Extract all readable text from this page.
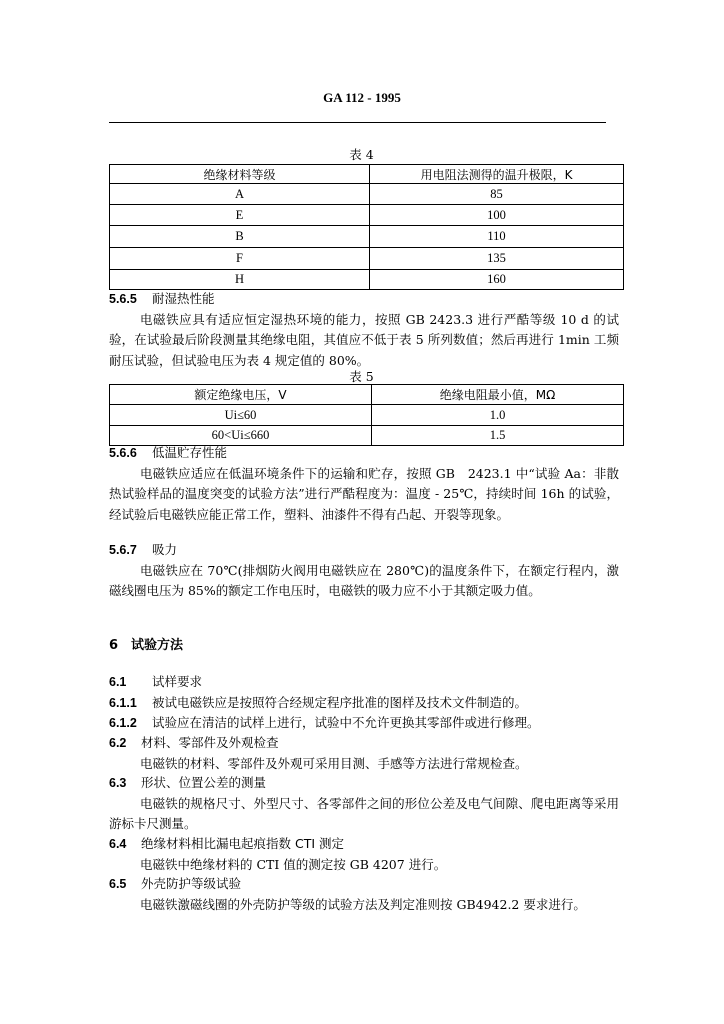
GA 112 - 1995
表 4
绝缘材料等级	用电阻法测得的温升极限，K
A	85
E	100
B	110
F	135
H	160
5.6.5 耐湿热性能
电磁铁应具有适应恒定湿热环境的能力，按照 GB 2423.3 进行严酷等级 10 d 的试验，在试验最后阶段测量其绝缘电阻，其值应不低于表 5 所列数值；然后再进行 1min 工频耐压试验，但试验电压为表 4 规定值的 80%。
表 5
额定绝缘电压，V	绝缘电阻最小值，MΩ
Ui≤60	1.0
60<Ui≤660	1.5
5.6.6 低温贮存性能
电磁铁应适应在低温环境条件下的运输和贮存，按照 GB　2423.1 中“试验 Aa：非散热试验样品的温度突变的试验方法”进行严酷程度为：温度 - 25℃，持续时间 16h 的试验，经试验后电磁铁应能正常工作，塑料、油漆件不得有凸起、开裂等现象。
5.6.7 吸力
电磁铁应在 70℃(排烟防火阀用电磁铁应在 280℃)的温度条件下，在额定行程内，激磁线圈电压为 85%的额定工作电压时，电磁铁的吸力应不小于其额定吸力值。
6 试验方法
6.1 试样要求
6.1.1 被试电磁铁应是按照符合经规定程序批准的图样及技术文件制造的。
6.1.2 试验应在清洁的试样上进行，试验中不允许更换其零部件或进行修理。
6.2 材料、零部件及外观检查
电磁铁的材料、零部件及外观可采用目测、手感等方法进行常规检查。
6.3 形状、位置公差的测量
电磁铁的规格尺寸、外型尺寸、各零部件之间的形位公差及电气间隙、爬电距离等采用游标卡尺测量。
6.4 绝缘材料相比漏电起痕指数 CTI 测定
电磁铁中绝缘材料的 CTI 值的测定按 GB 4207 进行。
6.5 外壳防护等级试验
电磁铁激磁线圈的外壳防护等级的试验方法及判定准则按 GB4942.2 要求进行。
